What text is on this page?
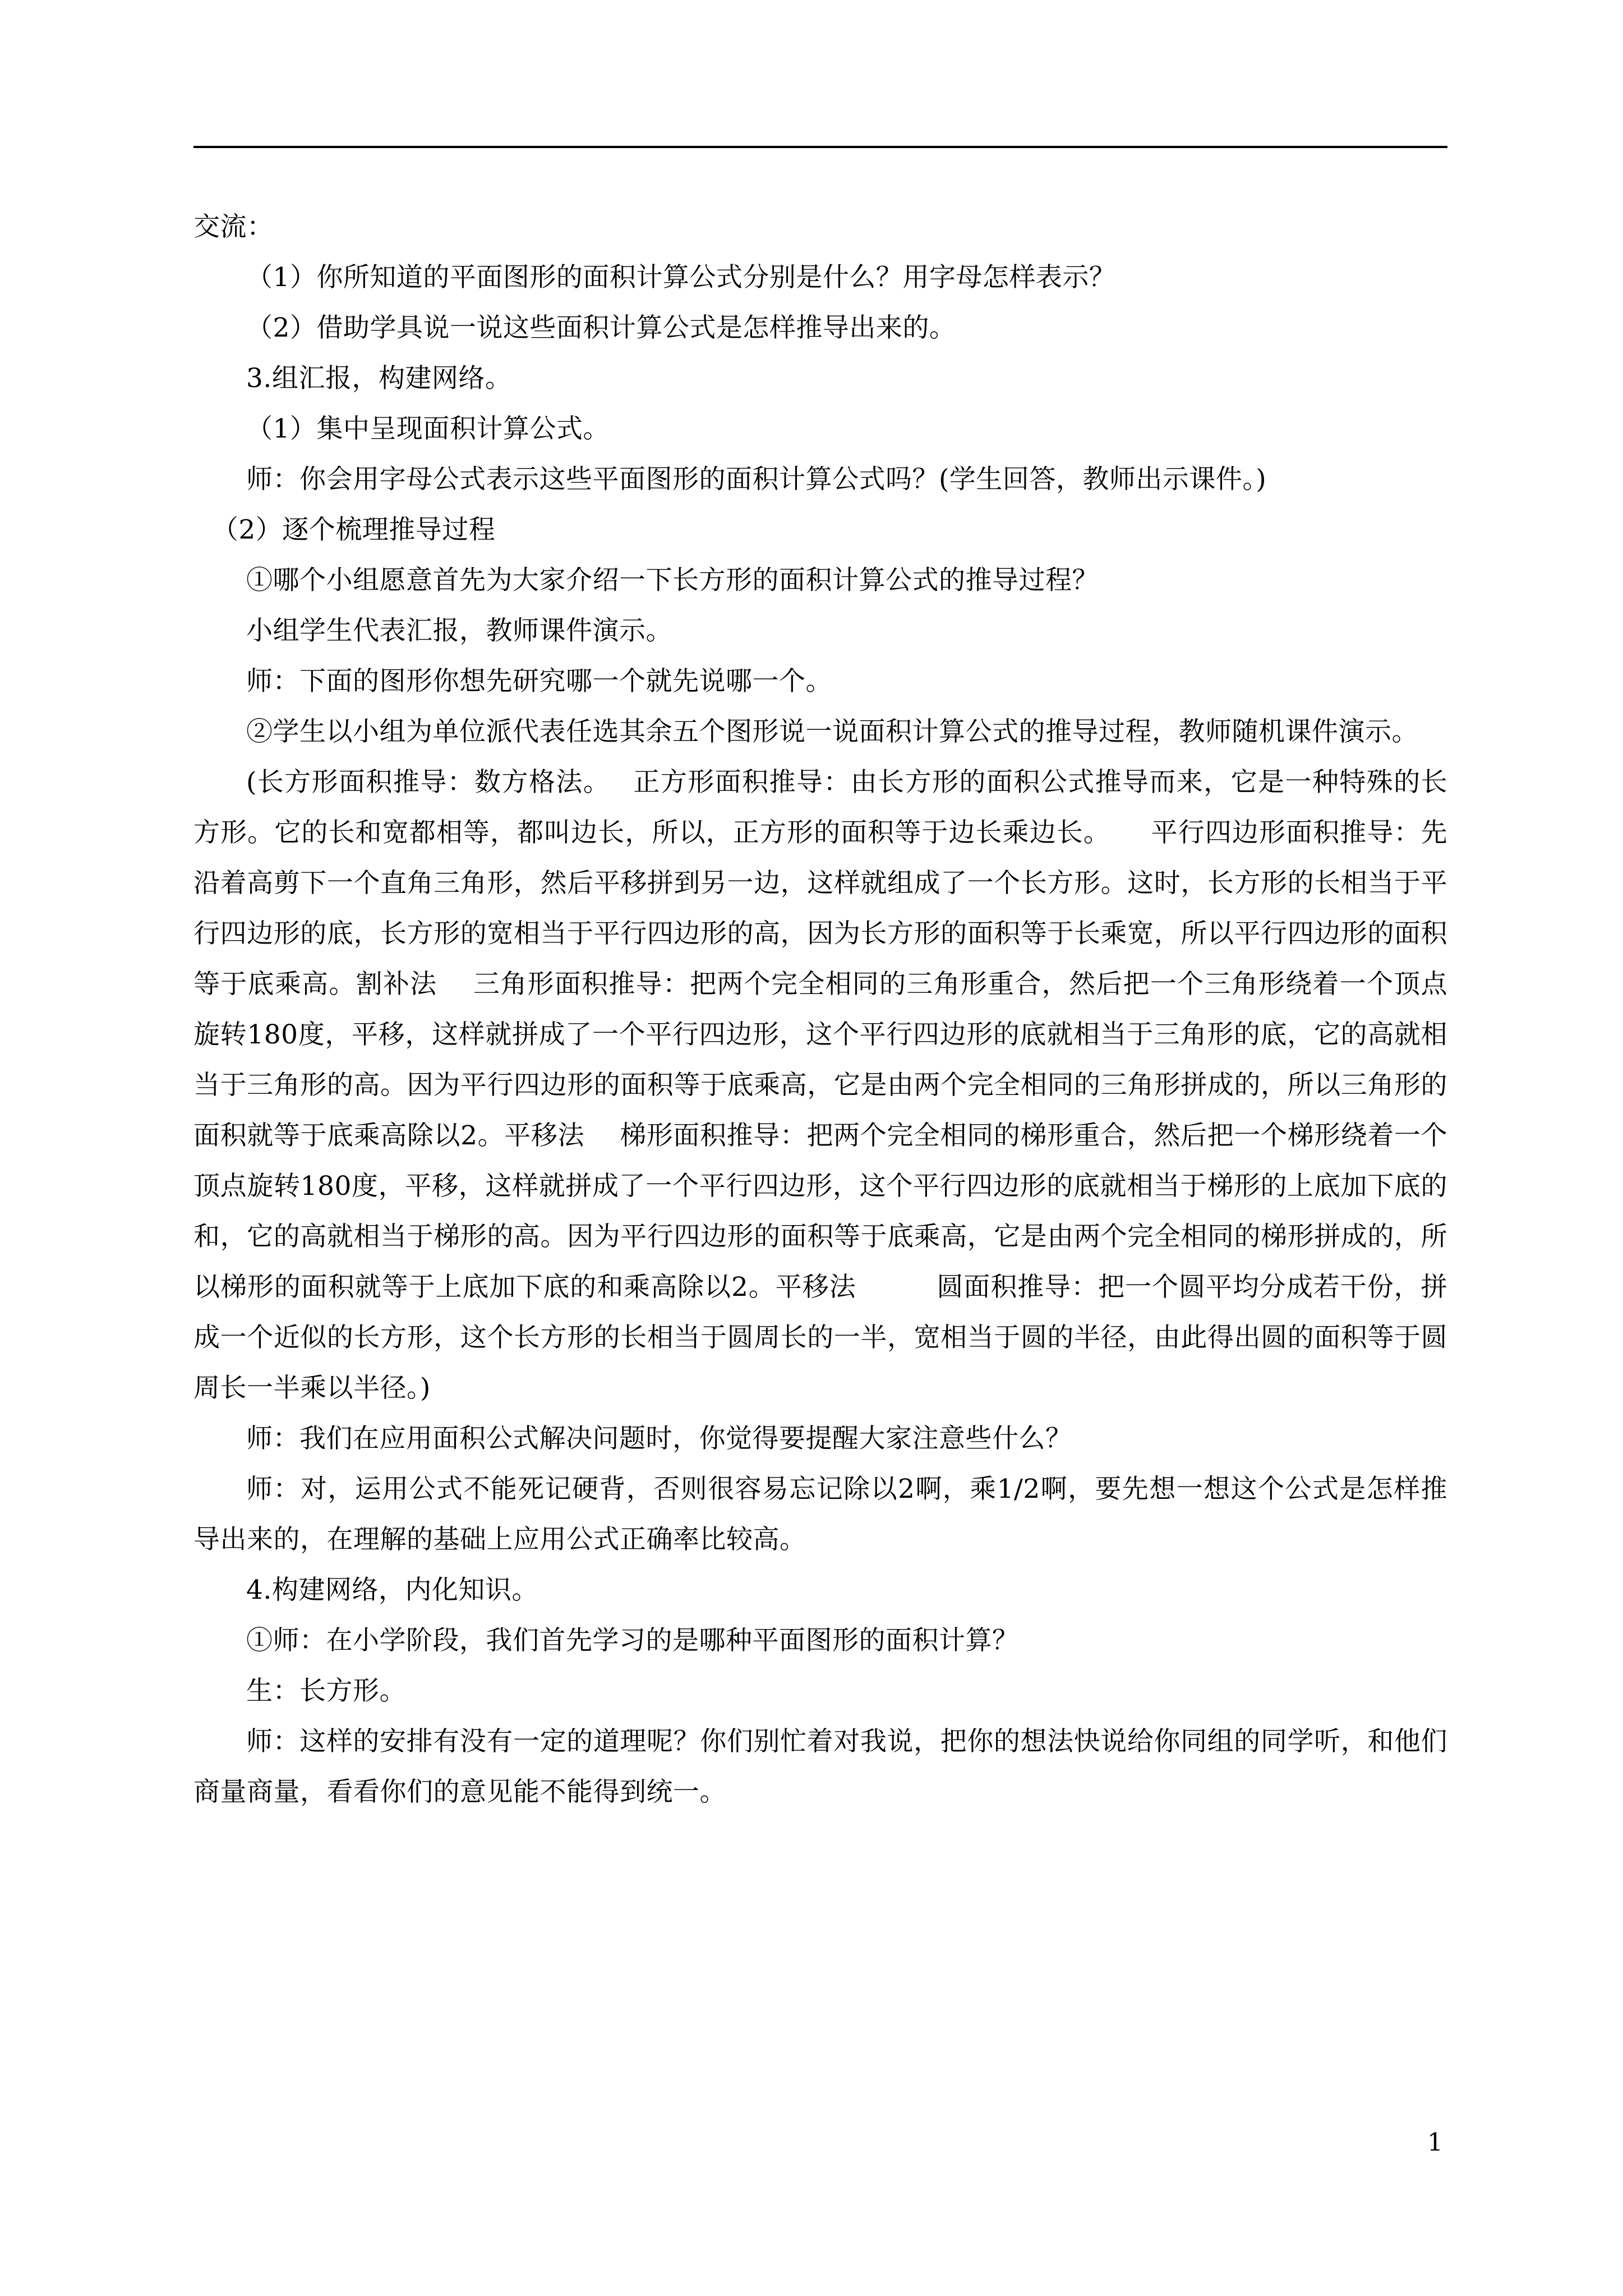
交流：

（1）你所知道的平面图形的面积计算公式分别是什么？用字母怎样表示？

（2）借助学具说一说这些面积计算公式是怎样推导出来的。

3.组汇报，构建网络。

（1）集中呈现面积计算公式。

师：你会用字母公式表示这些平面图形的面积计算公式吗？(学生回答，教师出示课件。)

（2）逐个梳理推导过程

①哪个小组愿意首先为大家介绍一下长方形的面积计算公式的推导过程？

小组学生代表汇报，教师课件演示。

师：下面的图形你想先研究哪一个就先说哪一个。

②学生以小组为单位派代表任选其余五个图形说一说面积计算公式的推导过程，教师随机课件演示。

(长方形面积推导：数方格法。　 正方形面积推导：由长方形的面积公式推导而来，它是一种特殊的长方形。它的长和宽都相等，都叫边长，所以，正方形的面积等于边长乘边长。　　平行四边形面积推导：先沿着高剪下一个直角三角形，然后平移拼到另一边，这样就组成了一个长方形。这时，长方形的长相当于平行四边形的底，长方形的宽相当于平行四边形的高，因为长方形的面积等于长乘宽，所以平行四边形的面积等于底乘高。割补法　 三角形面积推导：把两个完全相同的三角形重合，然后把一个三角形绕着一个顶点旋转180度，平移，这样就拼成了一个平行四边形，这个平行四边形的底就相当于三角形的底，它的高就相当于三角形的高。因为平行四边形的面积等于底乘高，它是由两个完全相同的三角形拼成的，所以三角形的面积就等于底乘高除以2。平移法　 梯形面积推导：把两个完全相同的梯形重合，然后把一个梯形绕着一个顶点旋转180度，平移，这样就拼成了一个平行四边形，这个平行四边形的底就相当于梯形的上底加下底的和，它的高就相当于梯形的高。因为平行四边形的面积等于底乘高，它是由两个完全相同的梯形拼成的，所以梯形的面积就等于上底加下底的和乘高除以2。平移法　　　圆面积推导：把一个圆平均分成若干份，拼成一个近似的长方形，这个长方形的长相当于圆周长的一半，宽相当于圆的半径，由此得出圆的面积等于圆周长一半乘以半径。)

师：我们在应用面积公式解决问题时，你觉得要提醒大家注意些什么？

师：对，运用公式不能死记硬背，否则很容易忘记除以2啊，乘1/2啊，要先想一想这个公式是怎样推导出来的，在理解的基础上应用公式正确率比较高。

4.构建网络，内化知识。

①师：在小学阶段，我们首先学习的是哪种平面图形的面积计算？

生：长方形。

师：这样的安排有没有一定的道理呢？你们别忙着对我说，把你的想法快说给你同组的同学听，和他们商量商量，看看你们的意见能不能得到统一。

1
